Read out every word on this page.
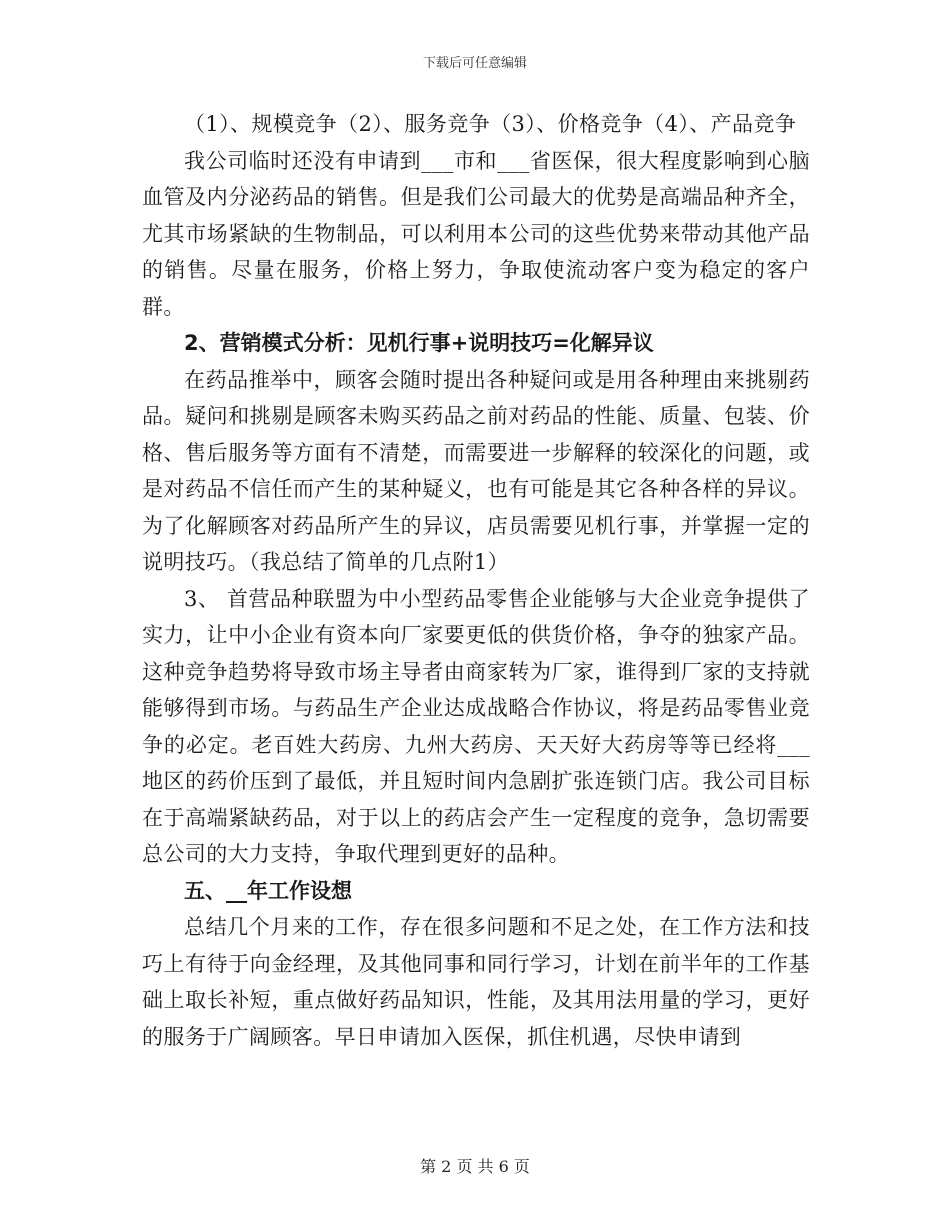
下载后可任意编辑

（1）、规模竞争（2）、服务竞争（3）、价格竞争（4）、产品竞争

我公司临时还没有申请到___市和___省医保，很大程度影响到心脑血管及内分泌药品的销售。但是我们公司最大的优势是高端品种齐全，尤其市场紧缺的生物制品，可以利用本公司的这些优势来带动其他产品的销售。尽量在服务，价格上努力，争取使流动客户变为稳定的客户群。

2、营销模式分析：见机行事+说明技巧=化解异议

在药品推举中，顾客会随时提出各种疑问或是用各种理由来挑剔药品。疑问和挑剔是顾客未购买药品之前对药品的性能、质量、包装、价格、售后服务等方面有不清楚，而需要进一步解释的较深化的问题，或是对药品不信任而产生的某种疑义，也有可能是其它各种各样的异议。为了化解顾客对药品所产生的异议，店员需要见机行事，并掌握一定的说明技巧。（我总结了简单的几点附1）

3、 首营品种联盟为中小型药品零售企业能够与大企业竞争提供了实力，让中小企业有资本向厂家要更低的供货价格，争夺的独家产品。这种竞争趋势将导致市场主导者由商家转为厂家，谁得到厂家的支持就能够得到市场。与药品生产企业达成战略合作协议，将是药品零售业竞争的必定。老百姓大药房、九州大药房、天天好大药房等等已经将___地区的药价压到了最低，并且短时间内急剧扩张连锁门店。我公司目标在于高端紧缺药品，对于以上的药店会产生一定程度的竞争，急切需要总公司的大力支持，争取代理到更好的品种。

五、__年工作设想

总结几个月来的工作，存在很多问题和不足之处，在工作方法和技巧上有待于向金经理，及其他同事和同行学习，计划在前半年的工作基础上取长补短，重点做好药品知识，性能，及其用法用量的学习，更好的服务于广阔顾客。早日申请加入医保，抓住机遇，尽快申请到

第 2 页 共 6 页
